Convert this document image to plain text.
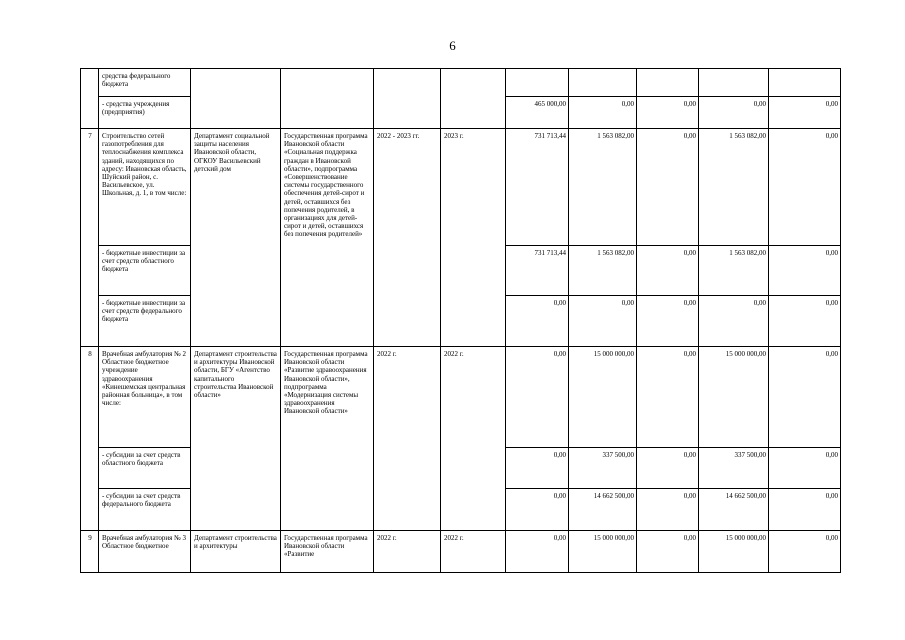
6
	средства федерального бюджета									
	- средства учреждения (предприятия)					465 000,00	0,00	0,00	0,00	0,00
7	Строительство сетей газопотребления для теплоснабжения комплекса зданий, находящихся по адресу: Ивановская область, Шуйский район, с. Васильевское, ул. Школьная, д. 1, в том числе:	Департамент социальной защиты населения Ивановской области, ОГКОУ Васильевский детский дом	Государственная программа Ивановской области «Социальная поддержка граждан в Ивановской области», подпрограмма «Совершенствование системы государственного обеспечения детей-сирот и детей, оставшихся без попечения родителей, в организациях для детей-сирот и детей, оставшихся без попечения родителей»	2022 - 2023 гг.	2023 г.	731 713,44	1 563 082,00	0,00	1 563 082,00	0,00
	- бюджетные инвестиции за счет средств областного бюджета					731 713,44	1 563 082,00	0,00	1 563 082,00	0,00
	- бюджетные инвестиции за счет средств федерального бюджета					0,00	0,00	0,00	0,00	0,00
8	Врачебная амбулатория № 2 Областное бюджетное учреждение здравоохранения «Кинешемская центральная районная больница», в том числе:	Департамент строительства и архитектуры Ивановской области, БГУ «Агентство капитального строительства Ивановской области»	Государственная программа Ивановской области «Развитие здравоохранения Ивановской области», подпрограмма «Модернизация системы здравоохранения Ивановской области»	2022 г.	2022 г.	0,00	15 000 000,00	0,00	15 000 000,00	0,00
	- субсидии за счет средств областного бюджета					0,00	337 500,00	0,00	337 500,00	0,00
	- субсидии за счет средств федерального бюджета					0,00	14 662 500,00	0,00	14 662 500,00	0,00
9	Врачебная амбулатория № 3 Областное бюджетное	Департамент строительства и архитектуры	Государственная программа Ивановской области «Развитие	2022 г.	2022 г.	0,00	15 000 000,00	0,00	15 000 000,00	0,00
